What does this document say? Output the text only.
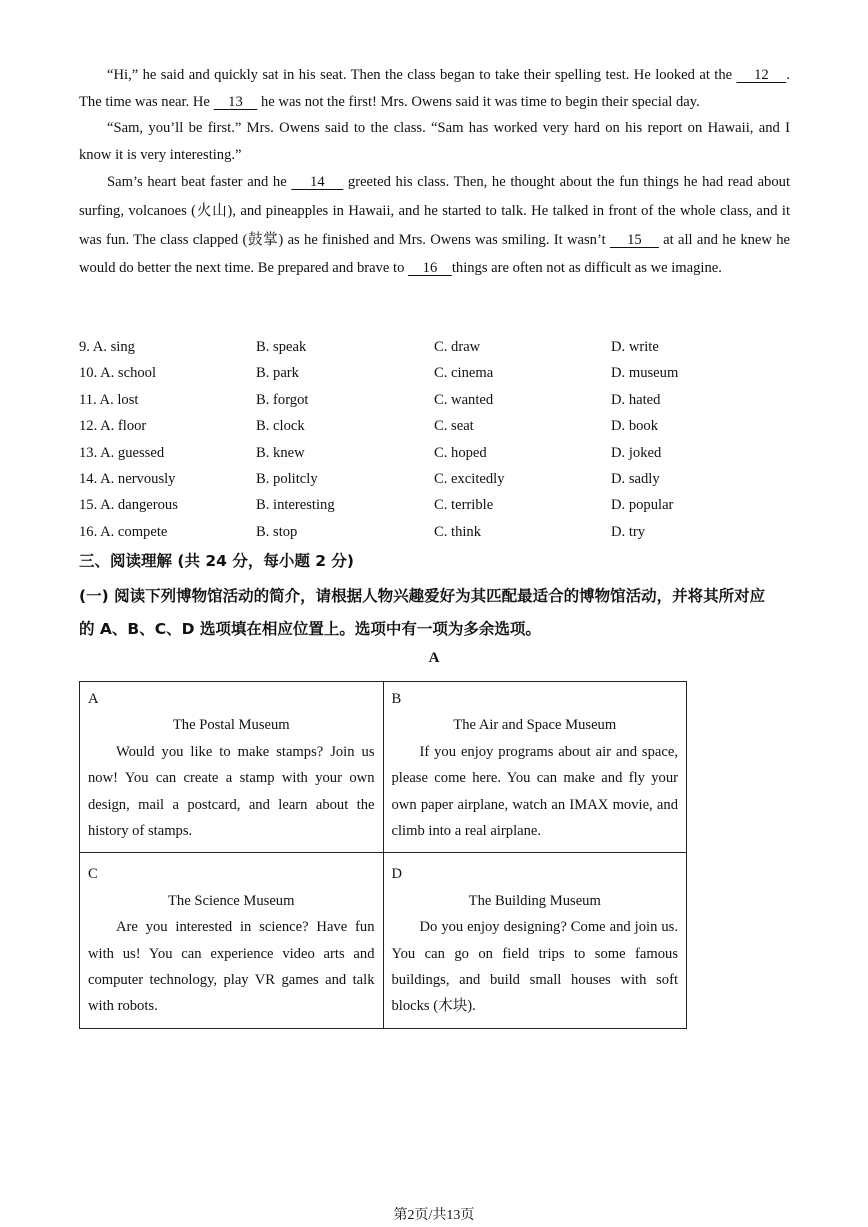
“Hi,” he said and quickly sat in his seat. Then the class began to take their spelling test. He looked at the     12    . The time was near. He     13     he was not the first! Mrs. Owens said it was time to begin their special day.

“Sam, you’ll be first.” Mrs. Owens said to the class. “Sam has worked very hard on his report on Hawaii, and I know it is very interesting.”

Sam’s heart beat faster and he     14     greeted his class. Then, he thought about the fun things he had read about surfing, volcanoes (火山), and pineapples in Hawaii, and he started to talk. He talked in front of the whole class, and it was fun. The class clapped (鼓掌) as he finished and Mrs. Owens was smiling. It wasn’t     15     at all and he knew he would do better the next time. Be prepared and brave to     16    things are often not as difficult as we imagine.

9. A. sing	B. speak	C. draw	D. write
10. A. school	B. park	C. cinema	D. museum
11. A. lost	B. forgot	C. wanted	D. hated
12. A. floor	B. clock	C. seat	D. book
13. A. guessed	B. knew	C. hoped	D. joked
14. A. nervously	B. politcly	C. excitedly	D. sadly
15. A. dangerous	B. interesting	C. terrible	D. popular
16. A. compete	B. stop	C. think	D. try
三、阅读理解 (共 24 分，每小题 2 分)
(一) 阅读下列博物馆活动的简介，请根据人物兴趣爱好为其匹配最适合的博物馆活动，并将其所对应的 A、B、C、D 选项填在相应位置上。选项中有一项为多余选项。
A
A
The Postal Museum
Would you like to make stamps? Join us now! You can create a stamp with your own design, mail a postcard, and learn about the history of stamps.	B
The Air and Space Museum
If you enjoy programs about air and space, please come here. You can make and fly your own paper airplane, watch an IMAX movie, and climb into a real airplane.

C
The Science Museum
Are you interested in science? Have fun with us! You can experience video arts and computer technology, play VR games and talk with robots.	D
The Building Museum
Do you enjoy designing? Come and join us. You can go on field trips to some famous buildings, and build small houses with soft blocks (木块).
第2页/共13页
